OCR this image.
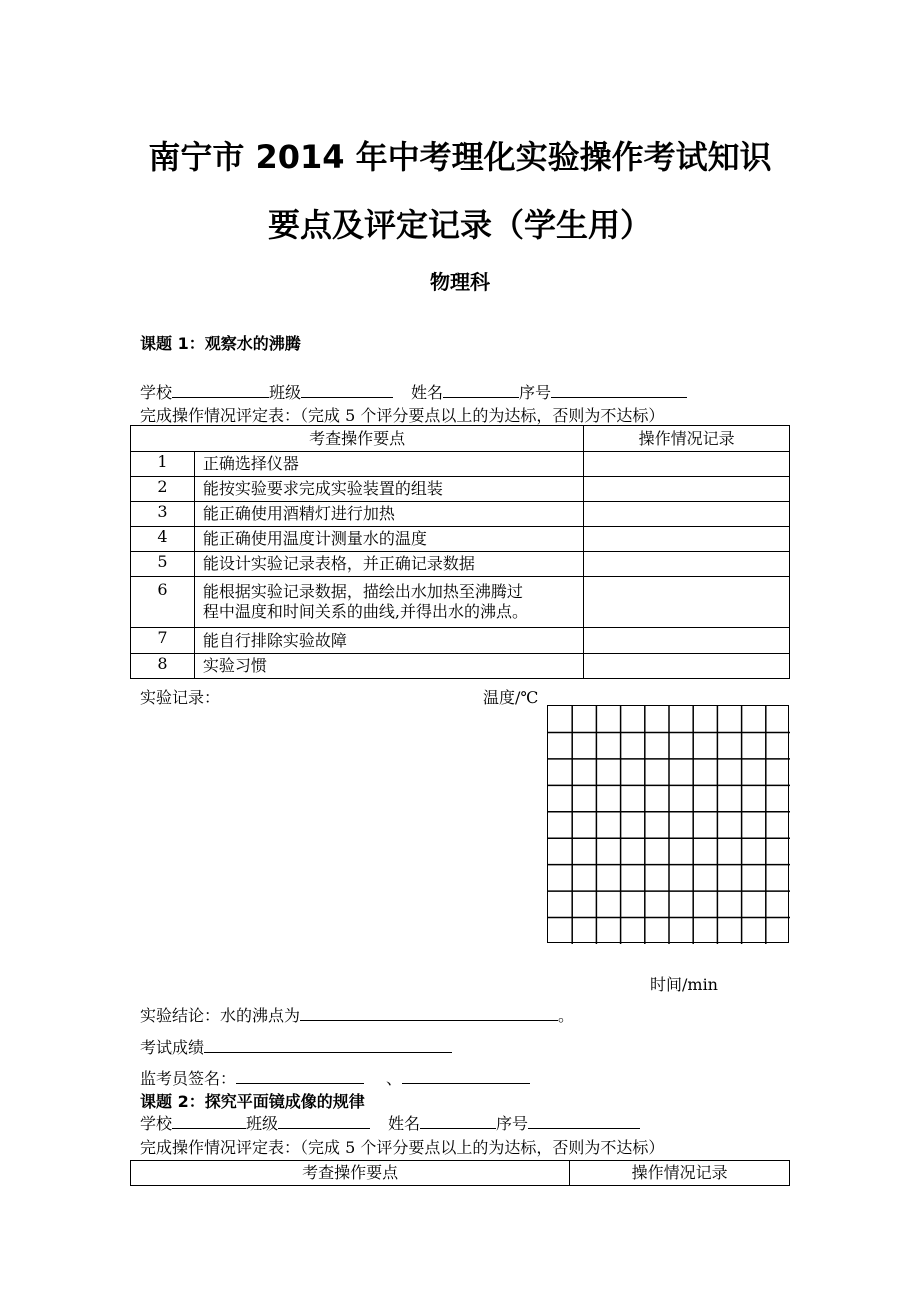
南宁市 2014 年中考理化实验操作考试知识
要点及评定记录（学生用）
物理科
课题 1：观察水的沸腾
学校	班级	姓名	序号
完成操作情况评定表：（完成 5 个评分要点以上的为达标，否则为不达标）
考查操作要点		操作情况记录
1	正确选择仪器	
2	能按实验要求完成实验装置的组装	
3	能正确使用酒精灯进行加热	
4	能正确使用温度计测量水的温度	
5	能设计实验记录表格，并正确记录数据	
6	能根据实验记录数据，描绘出水加热至沸腾过
程中温度和时间关系的曲线,并得出水的沸点。	

7	能自行排除实验故障	
8	实验习惯	
实验记录：	温度/℃
时间/min
实验结论：水的沸点为	。
考试成绩
监考员签名：	、
课题 2：探究平面镜成像的规律
学校	班级	姓名	序号
完成操作情况评定表：（完成 5 个评分要点以上的为达标，否则为不达标）
考查操作要点	操作情况记录
